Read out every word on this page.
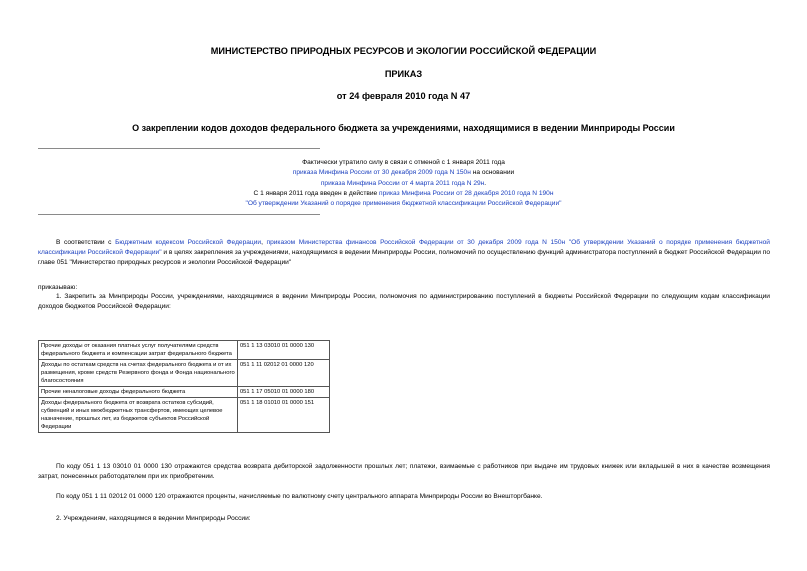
МИНИСТЕРСТВО ПРИРОДНЫХ РЕСУРСОВ И ЭКОЛОГИИ РОССИЙСКОЙ ФЕДЕРАЦИИ
ПРИКАЗ
от 24 февраля 2010 года N 47
О закреплении кодов доходов федерального бюджета за учреждениями, находящимися в ведении Минприроды России
Фактически утратило силу в связи с отменой с 1 января 2011 года
приказа Минфина России от 30 декабря 2009 года N 150н на основании
приказа Минфина России от 4 марта 2011 года N 29н.
С 1 января 2011 года введен в действие приказ Минфина России от 28 декабря 2010 года N 190н
"Об утверждении Указаний о порядке применения бюджетной классификации Российской Федерации"
В соответствии с Бюджетным кодексом Российской Федерации, приказом Министерства финансов Российской Федерации от 30 декабря 2009 года N 150н "Об утверждении Указаний о порядке применения бюджетной классификации Российской Федерации" и в целях закрепления за учреждениями, находящимися в ведении Минприроды России, полномочий по осуществлению функций администратора поступлений в бюджет Российской Федерации по главе 051 "Министерство природных ресурсов и экологии Российской Федерации"
приказываю:
1. Закрепить за Минприроды России, учреждениями, находящимися в ведении Минприроды России, полномочия по администрированию поступлений в бюджеты Российской Федерации по следующим кодам классификации доходов бюджетов Российской Федерации:
Прочие доходы от оказания платных услуг получателями средств федерального бюджета и компенсации затрат федерального бюджета	051 1 13 03010 01 0000 130
Доходы по остаткам средств на счетах федерального бюджета и от их размещения, кроме средств Резервного фонда и Фонда национального благосостояния	051 1 11 02012 01 0000 120
Прочие неналоговые доходы федерального бюджета	051 1 17 05010 01 0000 180
Доходы федерального бюджета от возврата остатков субсидий, субвенций и иных межбюджетных трансфертов, имеющих целевое назначение, прошлых лет, из бюджетов субъектов Российской Федерации	051 1 18 01010 01 0000 151
По коду 051 1 13 03010 01 0000 130 отражаются средства возврата дебиторской задолженности прошлых лет; платежи, взимаемые с работников при выдаче им трудовых книжек или вкладышей в них в качестве возмещения затрат, понесенных работодателем при их приобретении.
По коду 051 1 11 02012 01 0000 120 отражаются проценты, начисляемые по валютному счету центрального аппарата Минприроды России во Внешторгбанке.
2. Учреждениям, находящимся в ведении Минприроды России:
